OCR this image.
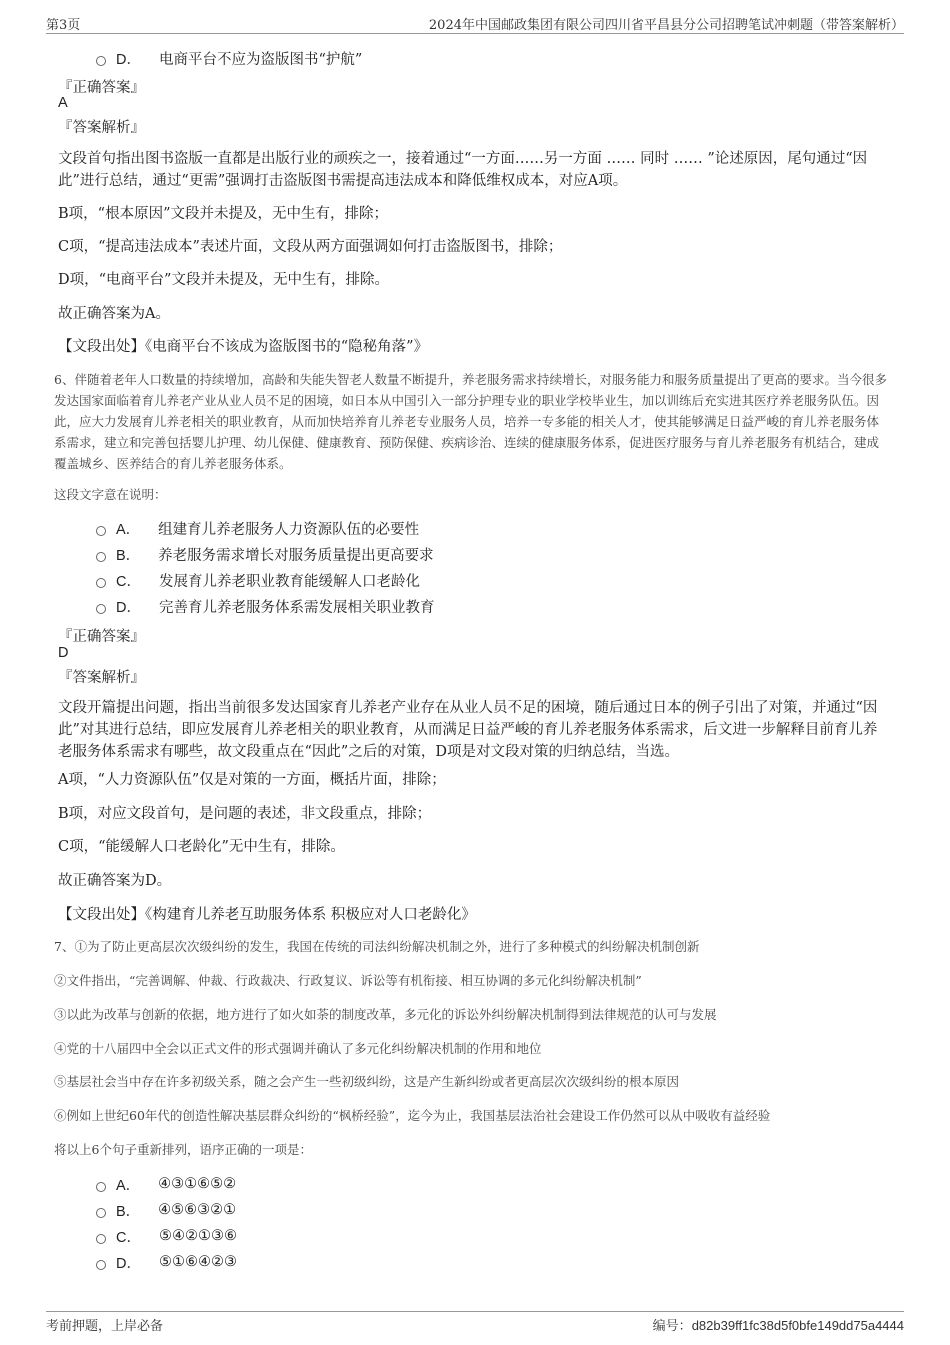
第3页	2024年中国邮政集团有限公司四川省平昌县分公司招聘笔试冲刺题（带答案解析）
D． 电商平台不应为盗版图书“护航”
『正确答案』
A
『答案解析』
文段首句指出图书盗版一直都是出版行业的顽疾之一，接着通过“一方面……另一方面 …… 同时 …… ”论述原因，尾句通过“因此”进行总结，通过“更需”强调打击盗版图书需提高违法成本和降低维权成本，对应A项。
B项，“根本原因”文段并未提及，无中生有，排除；
C项，“提高违法成本”表述片面，文段从两方面强调如何打击盗版图书，排除；
D项，“电商平台”文段并未提及，无中生有，排除。
故正确答案为A。
【文段出处】《电商平台不该成为盗版图书的“隐秘角落”》
6、伴随着老年人口数量的持续增加，高龄和失能失智老人数量不断提升，养老服务需求持续增长，对服务能力和服务质量提出了更高的要求。当今很多发达国家面临着育儿养老产业从业人员不足的困境，如日本从中国引入一部分护理专业的职业学校毕业生，加以训练后充实进其医疗养老服务队伍。因此，应大力发展育儿养老相关的职业教育，从而加快培养育儿养老专业服务人员，培养一专多能的相关人才，使其能够满足日益严峻的育儿养老服务体系需求，建立和完善包括婴儿护理、幼儿保健、健康教育、预防保健、疾病诊治、连续的健康服务体系，促进医疗服务与育儿养老服务有机结合，建成覆盖城乡、医养结合的育儿养老服务体系。
这段文字意在说明：
A． 组建育儿养老服务人力资源队伍的必要性
B． 养老服务需求增长对服务质量提出更高要求
C． 发展育儿养老职业教育能缓解人口老龄化
D． 完善育儿养老服务体系需发展相关职业教育
『正确答案』
D
『答案解析』
文段开篇提出问题，指出当前很多发达国家育儿养老产业存在从业人员不足的困境，随后通过日本的例子引出了对策，并通过“因此”对其进行总结，即应发展育儿养老相关的职业教育，从而满足日益严峻的育儿养老服务体系需求，后文进一步解释目前育儿养老服务体系需求有哪些，故文段重点在“因此”之后的对策，D项是对文段对策的归纳总结，当选。
A项，“人力资源队伍”仅是对策的一方面，概括片面，排除；
B项，对应文段首句，是问题的表述，非文段重点，排除；
C项，“能缓解人口老龄化”无中生有，排除。
故正确答案为D。
【文段出处】《构建育儿养老互助服务体系 积极应对人口老龄化》
7、①为了防止更高层次次级纠纷的发生，我国在传统的司法纠纷解决机制之外，进行了多种模式的纠纷解决机制创新
②文件指出，“完善调解、仲裁、行政裁决、行政复议、诉讼等有机衔接、相互协调的多元化纠纷解决机制”
③以此为改革与创新的依据，地方进行了如火如荼的制度改革，多元化的诉讼外纠纷解决机制得到法律规范的认可与发展
④党的十八届四中全会以正式文件的形式强调并确认了多元化纠纷解决机制的作用和地位
⑤基层社会当中存在许多初级关系，随之会产生一些初级纠纷，这是产生新纠纷或者更高层次次级纠纷的根本原因
⑥例如上世纪60年代的创造性解决基层群众纠纷的“枫桥经验”，迄今为止，我国基层法治社会建设工作仍然可以从中吸收有益经验
将以上6个句子重新排列，语序正确的一项是：
A． ④③①⑥⑤②
B． ④⑤⑥③②①
C． ⑤④②①③⑥
D． ⑤①⑥④②③
考前押题，上岸必备	编号：d82b39ff1fc38d5f0bfe149dd75a4444
